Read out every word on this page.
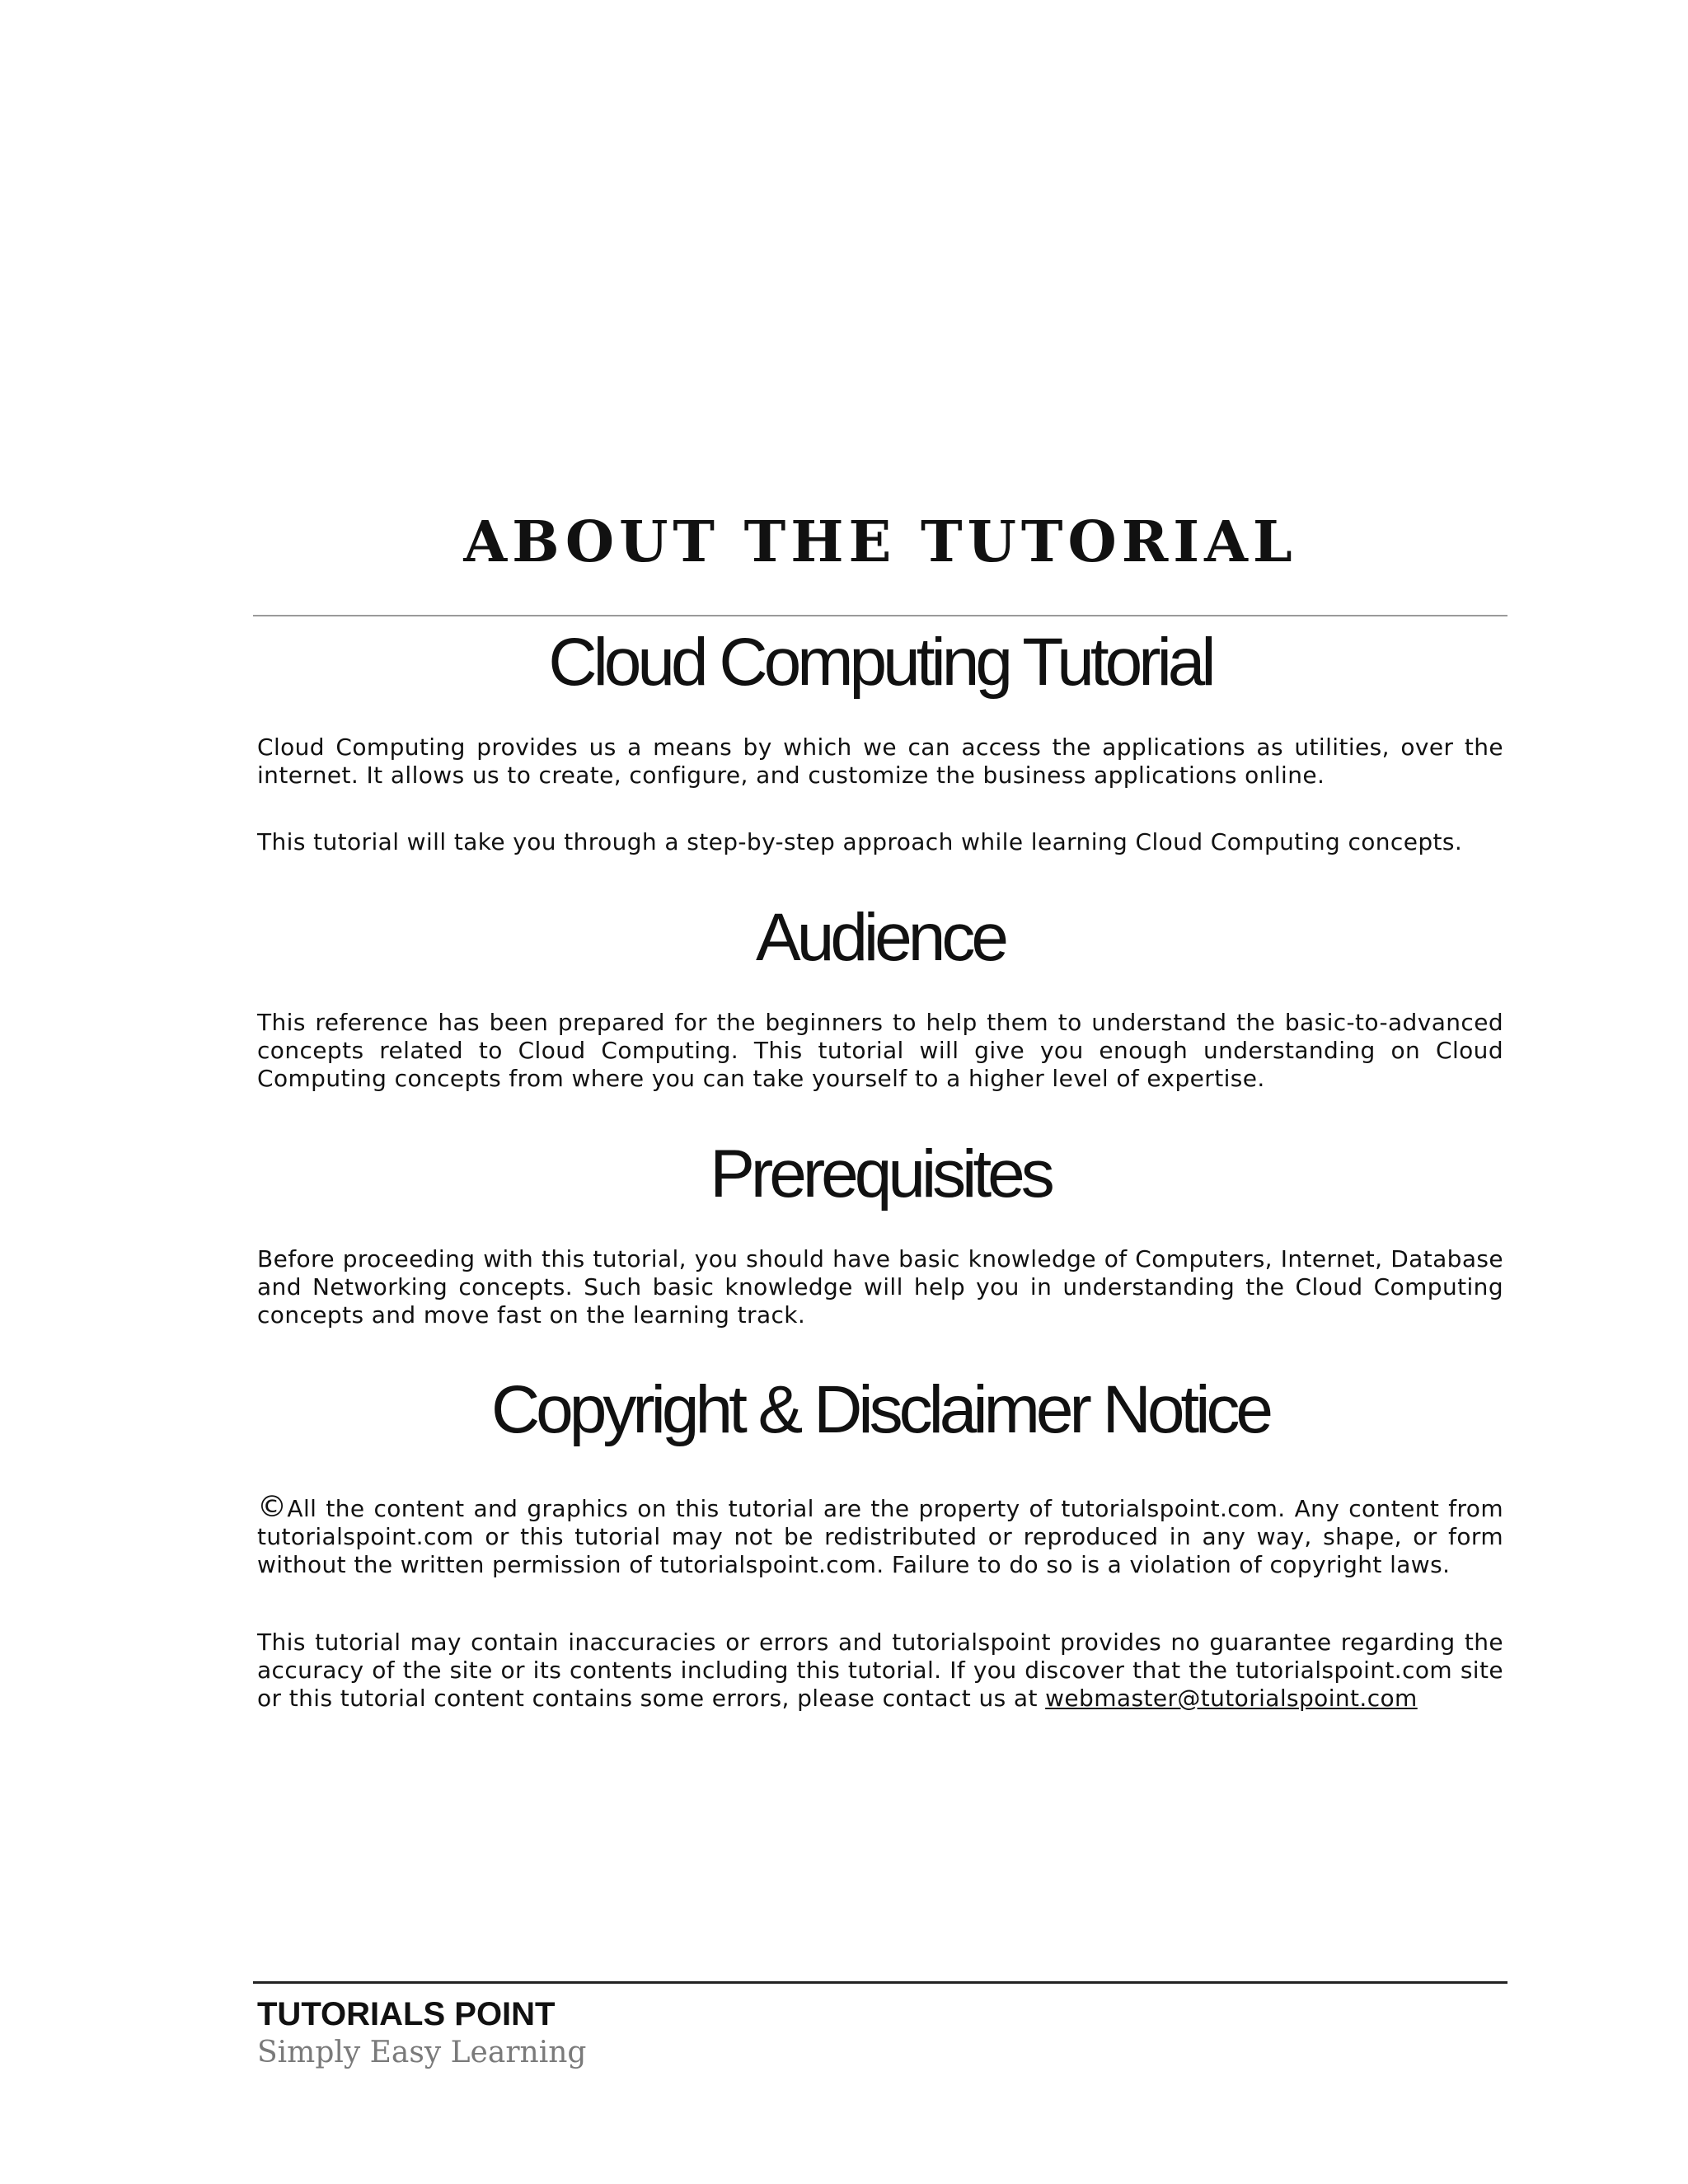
ABOUT THE TUTORIAL
Cloud Computing Tutorial

Cloud Computing provides us a means by which we can access the applications as utilities, over the internet. It allows us to create, configure, and customize the business applications online.

This tutorial will take you through a step-by-step approach while learning Cloud Computing concepts.

Audience

This reference has been prepared for the beginners to help them to understand the basic-to-advanced concepts related to Cloud Computing. This tutorial will give you enough understanding on Cloud Computing concepts from where you can take yourself to a higher level of expertise.

Prerequisites

Before proceeding with this tutorial, you should have basic knowledge of Computers, Internet, Database and Networking concepts. Such basic knowledge will help you in understanding the Cloud Computing concepts and move fast on the learning track.

Copyright & Disclaimer Notice

©All the content and graphics on this tutorial are the property of tutorialspoint.com. Any content from tutorialspoint.com or this tutorial may not be redistributed or reproduced in any way, shape, or form without the written permission of tutorialspoint.com. Failure to do so is a violation of copyright laws.

This tutorial may contain inaccuracies or errors and tutorialspoint provides no guarantee regarding the accuracy of the site or its contents including this tutorial. If you discover that the tutorialspoint.com site or this tutorial content contains some errors, please contact us at webmaster@tutorialspoint.com

TUTORIALS POINT
Simply Easy Learning
